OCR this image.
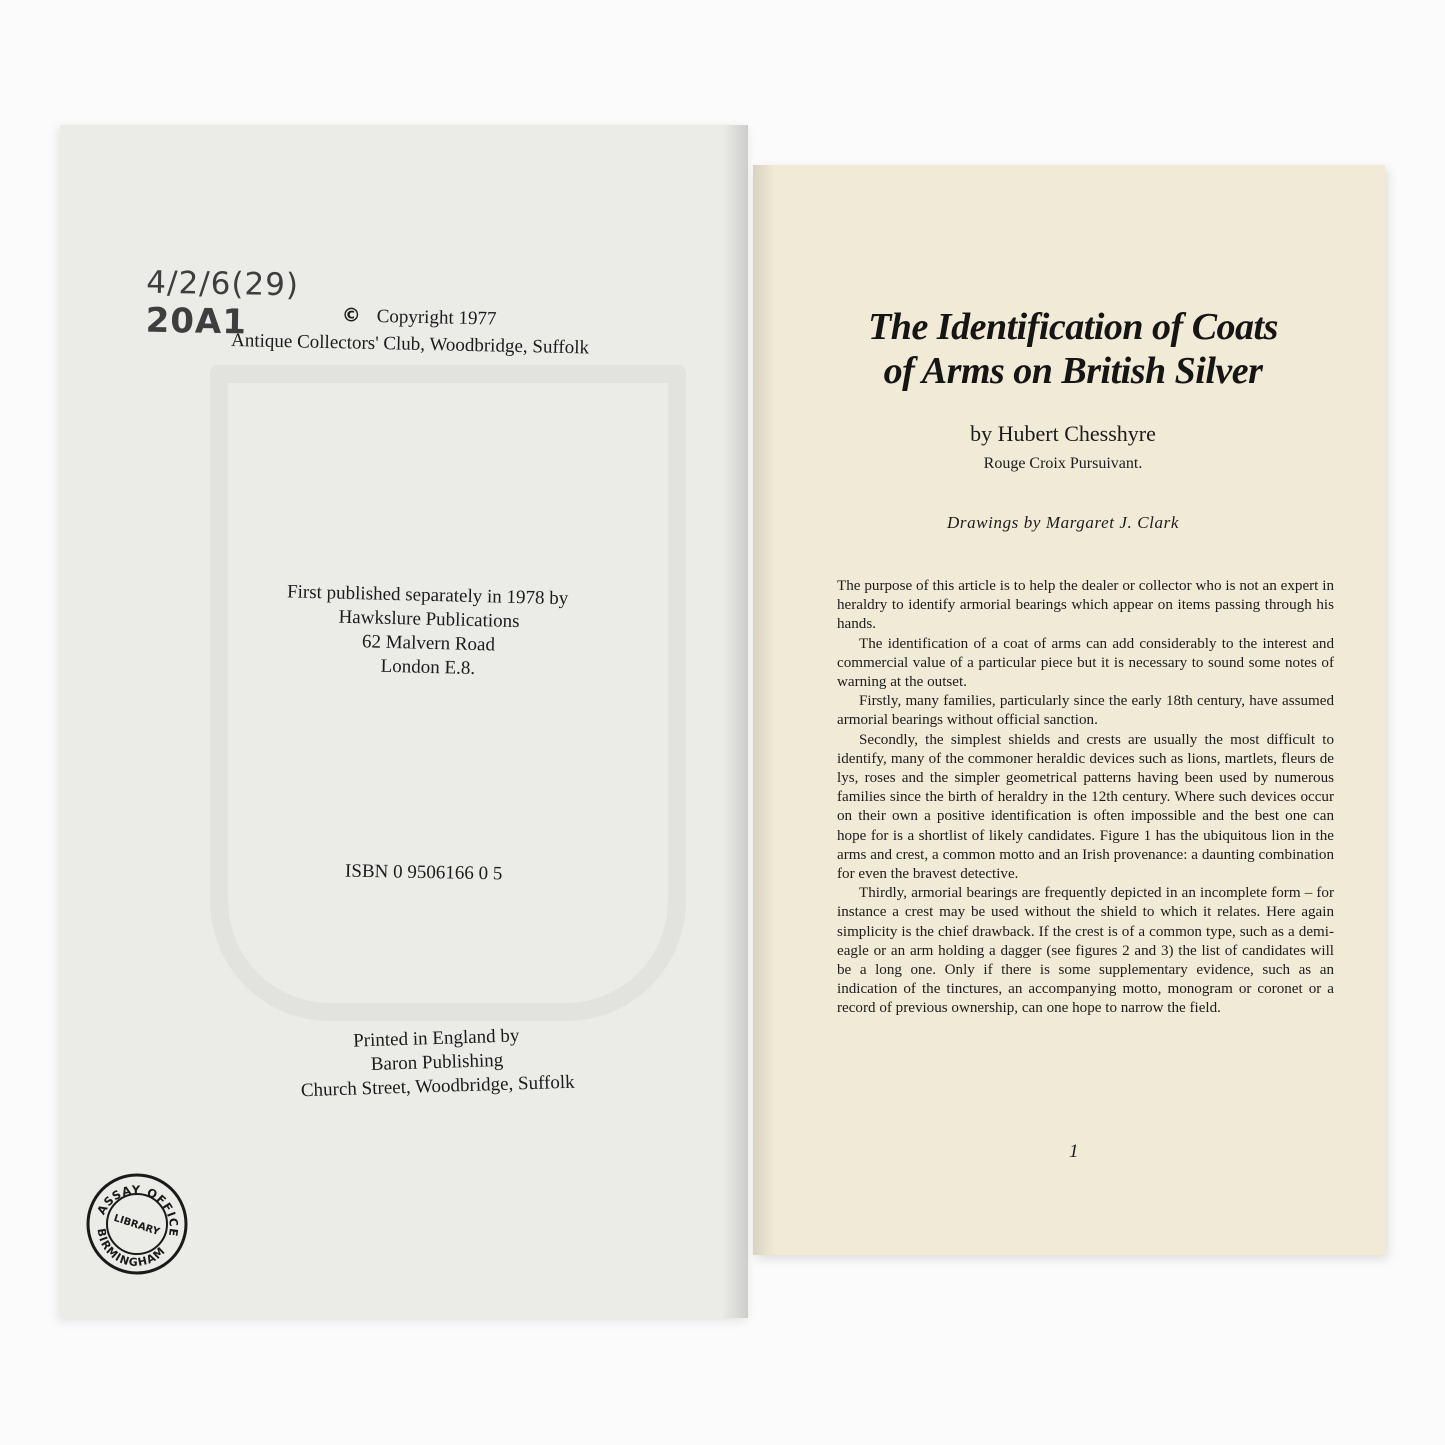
4/2/6(29)
20A1	© Copyright 1977
Antique Collectors' Club, Woodbridge, Suffolk
First published separately in 1978 by
Hawkslure Publications
62 Malvern Road
London E.8.
ISBN 0 9506166 0 5
Printed in England by
Baron Publishing
Church Street, Woodbridge, Suffolk
ASSAY OFFICE
BIRMINGHAM
LIBRARY
The Identification of Coats
of Arms on British Silver
by Hubert Chesshyre
Rouge Croix Pursuivant.
Drawings by Margaret J. Clark

The purpose of this article is to help the dealer or collector who is not an expert in heraldry to identify armorial bearings which appear on items passing through his hands.

The identification of a coat of arms can add considerably to the interest and commercial value of a particular piece but it is necessary to sound some notes of warning at the outset.

Firstly, many families, particularly since the early 18th century, have assumed armorial bearings without official sanction.

Secondly, the simplest shields and crests are usually the most difficult to identify, many of the commoner heraldic devices such as lions, martlets, fleurs de lys, roses and the simpler geometrical patterns having been used by numerous families since the birth of heraldry in the 12th century. Where such devices occur on their own a positive identification is often impossible and the best one can hope for is a shortlist of likely candidates. Figure 1 has the ubiquitous lion in the arms and crest, a common motto and an Irish provenance: a daunting combination for even the bravest detective.

Thirdly, armorial bearings are frequently depicted in an incomplete form – for instance a crest may be used without the shield to which it relates. Here again simplicity is the chief drawback. If the crest is of a common type, such as a demi-eagle or an arm holding a dagger (see figures 2 and 3) the list of candidates will be a long one. Only if there is some supplementary evidence, such as an indication of the tinctures, an accompanying motto, monogram or coronet or a record of previous ownership, can one hope to narrow the field.

1
